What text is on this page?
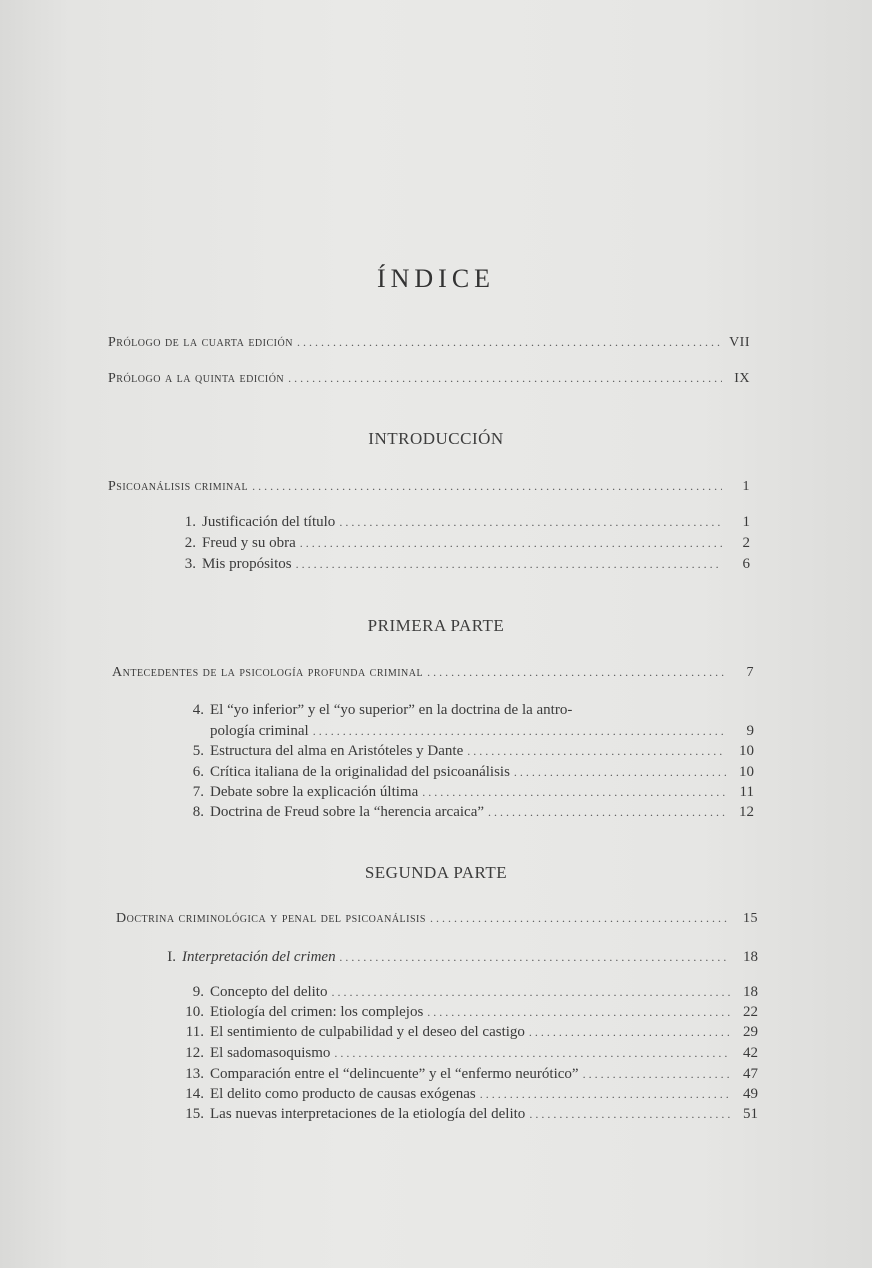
ÍNDICE
Prólogo de la cuarta edición .....	VII
Prólogo a la quinta edición .....	IX
INTRODUCCIÓN
Psicoanálisis criminal .....	1
1. Justificación del título .....	1
2. Freud y su obra .....	2
3. Mis propósitos .....	6
PRIMERA PARTE
Antecedentes de la psicología profunda criminal .....	7
4. El “yo inferior” y el “yo superior” en la doctrina de la antro-
pología criminal .....	9
5. Estructura del alma en Aristóteles y Dante .....	10
6. Crítica italiana de la originalidad del psicoanálisis .....	10
7. Debate sobre la explicación última .....	11
8. Doctrina de Freud sobre la “herencia arcaica” .....	12
SEGUNDA PARTE
Doctrina criminológica y penal del psicoanálisis .....	15
I. Interpretación del crimen .....	18
9. Concepto del delito .....	18
10. Etiología del crimen: los complejos .....	22
11. El sentimiento de culpabilidad y el deseo del castigo .....	29
12. El sadomasoquismo .....	42
13. Comparación entre el “delincuente” y el “enfermo neurótico” .....	47
14. El delito como producto de causas exógenas .....	49
15. Las nuevas interpretaciones de la etiología del delito .....	51
